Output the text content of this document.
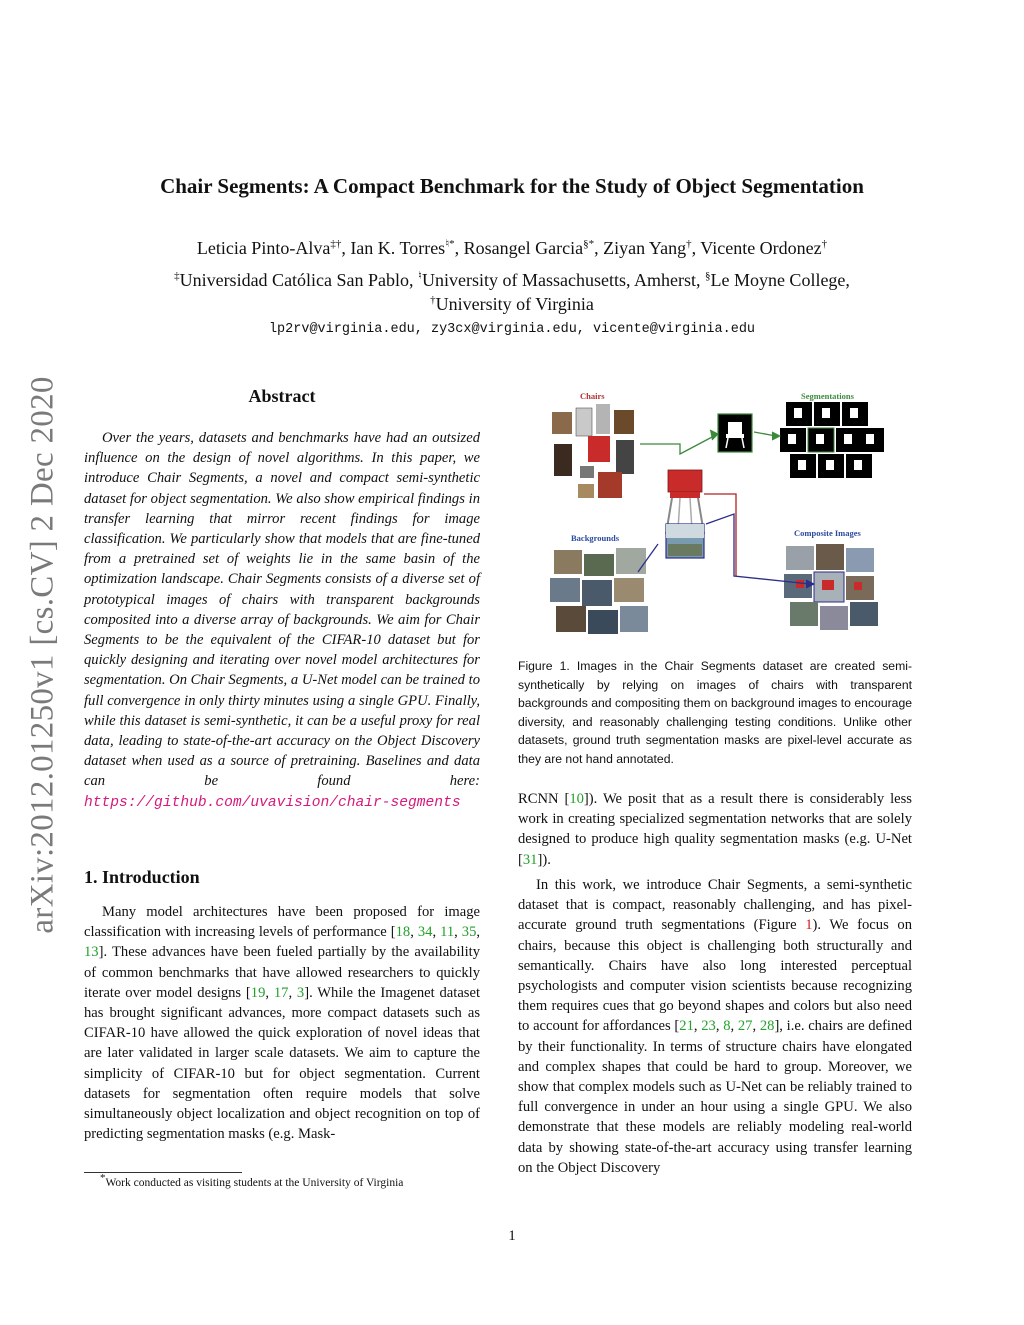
arXiv:2012.01250v1 [cs.CV] 2 Dec 2020
Chair Segments: A Compact Benchmark for the Study of Object Segmentation
Leticia Pinto-Alva‡†, Ian K. Torres♮*, Rosangel Garcia§*, Ziyan Yang†, Vicente Ordonez†
‡Universidad Católica San Pablo, ♮University of Massachusetts, Amherst, §Le Moyne College,
†University of Virginia
lp2rv@virginia.edu, zy3cx@virginia.edu, vicente@virginia.edu
Abstract
Over the years, datasets and benchmarks have had an outsized influence on the design of novel algorithms. In this paper, we introduce Chair Segments, a novel and compact semi-synthetic dataset for object segmentation. We also show empirical findings in transfer learning that mirror recent findings for image classification. We particularly show that models that are fine-tuned from a pretrained set of weights lie in the same basin of the optimization landscape. Chair Segments consists of a diverse set of prototypical images of chairs with transparent backgrounds composited into a diverse array of backgrounds. We aim for Chair Segments to be the equivalent of the CIFAR-10 dataset but for quickly designing and iterating over novel model architectures for segmentation. On Chair Segments, a U-Net model can be trained to full convergence in only thirty minutes using a single GPU. Finally, while this dataset is semi-synthetic, it can be a useful proxy for real data, leading to state-of-the-art accuracy on the Object Discovery dataset when used as a source of pretraining. Baselines and data can be found here: https://github.com/uvavision/chair-segments
1. Introduction
Many model architectures have been proposed for image classification with increasing levels of performance [18, 34, 11, 35, 13]. These advances have been fueled partially by the availability of common benchmarks that have allowed researchers to quickly iterate over model designs [19, 17, 3]. While the Imagenet dataset has brought significant advances, more compact datasets such as CIFAR-10 have allowed the quick exploration of novel ideas that are later validated in larger scale datasets. We aim to capture the simplicity of CIFAR-10 but for object segmentation. Current datasets for segmentation often require models that solve simultaneously object localization and object recognition on top of predicting segmentation masks (e.g. Mask-
*Work conducted as visiting students at the University of Virginia
Chairs	Segmentations
Backgrounds	Composite Images
Figure 1. Images in the Chair Segments dataset are created semi-synthetically by relying on images of chairs with transparent backgrounds and compositing them on background images to encourage diversity, and reasonably challenging testing conditions. Unlike other datasets, ground truth segmentation masks are pixel-level accurate as they are not hand annotated.
RCNN [10]). We posit that as a result there is considerably less work in creating specialized segmentation networks that are solely designed to produce high quality segmentation masks (e.g. U-Net [31]).
In this work, we introduce Chair Segments, a semi-synthetic dataset that is compact, reasonably challenging, and has pixel-accurate ground truth segmentations (Figure 1). We focus on chairs, because this object is challenging both structurally and semantically. Chairs have also long interested perceptual psychologists and computer vision scientists because recognizing them requires cues that go beyond shapes and colors but also need to account for affordances [21, 23, 8, 27, 28], i.e. chairs are defined by their functionality. In terms of structure chairs have elongated and complex shapes that could be hard to group. Moreover, we show that complex models such as U-Net can be reliably trained to full convergence in under an hour using a single GPU. We also demonstrate that these models are reliably modeling real-world data by showing state-of-the-art accuracy using transfer learning on the Object Discovery
1
